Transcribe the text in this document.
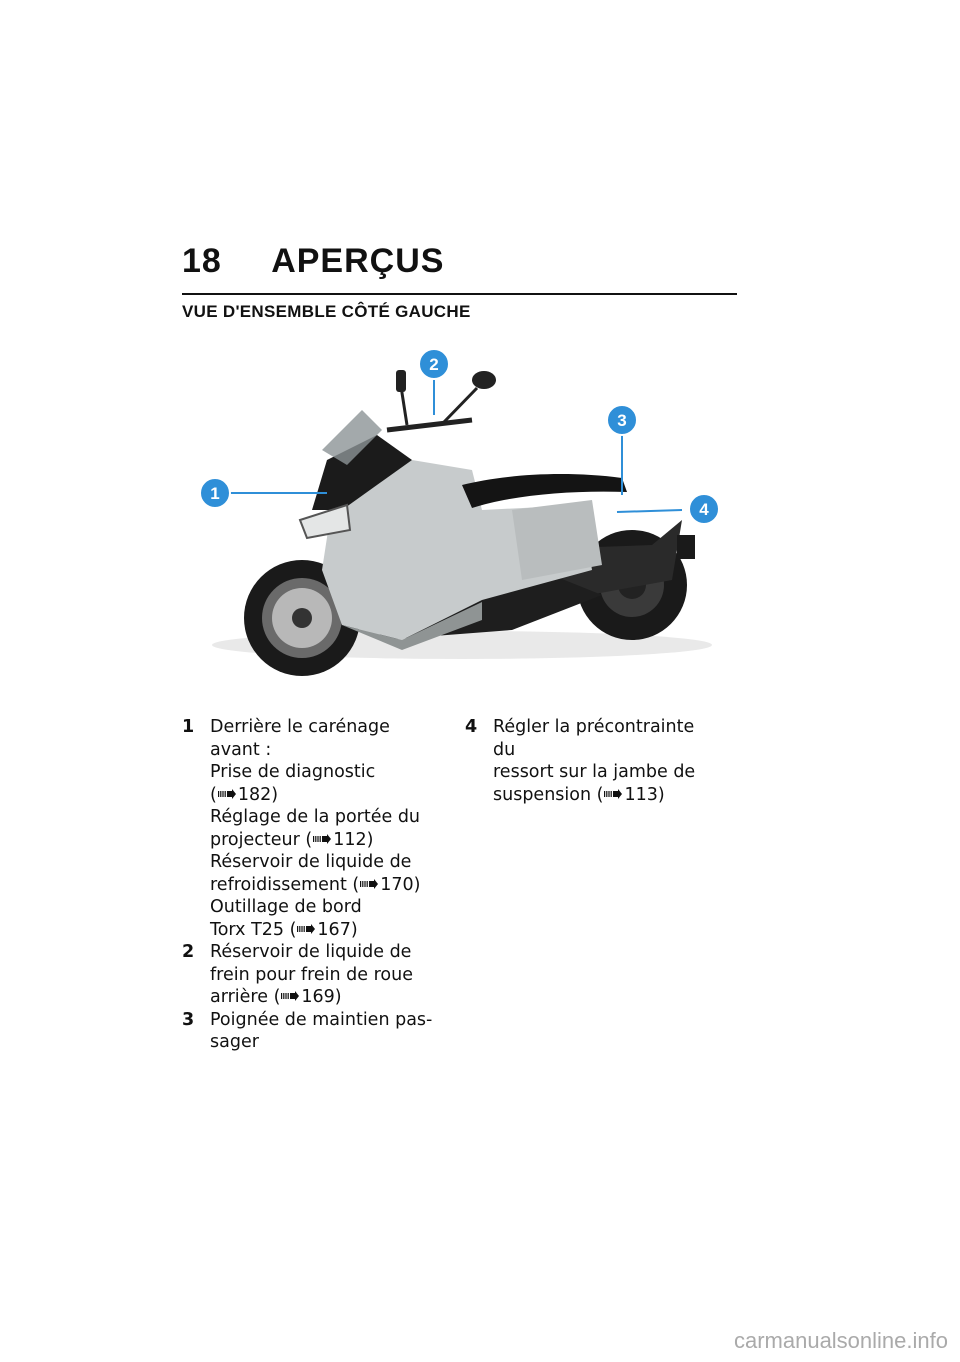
18 APERÇUS
VUE D'ENSEMBLE CÔTÉ GAUCHE
1
2
3
4
1 Derrière le carénage
avant :
Prise de diagnostic
( 182)
Réglage de la portée du
projecteur ( 112)
Réservoir de liquide de
refroidissement ( 170)
Outillage de bord
Torx T25 ( 167)
2 Réservoir de liquide de
frein pour frein de roue
arrière ( 169)
3 Poignée de maintien pas-
sager
4 Régler la précontrainte du
ressort sur la jambe de
suspension ( 113)
carmanualsonline.info
